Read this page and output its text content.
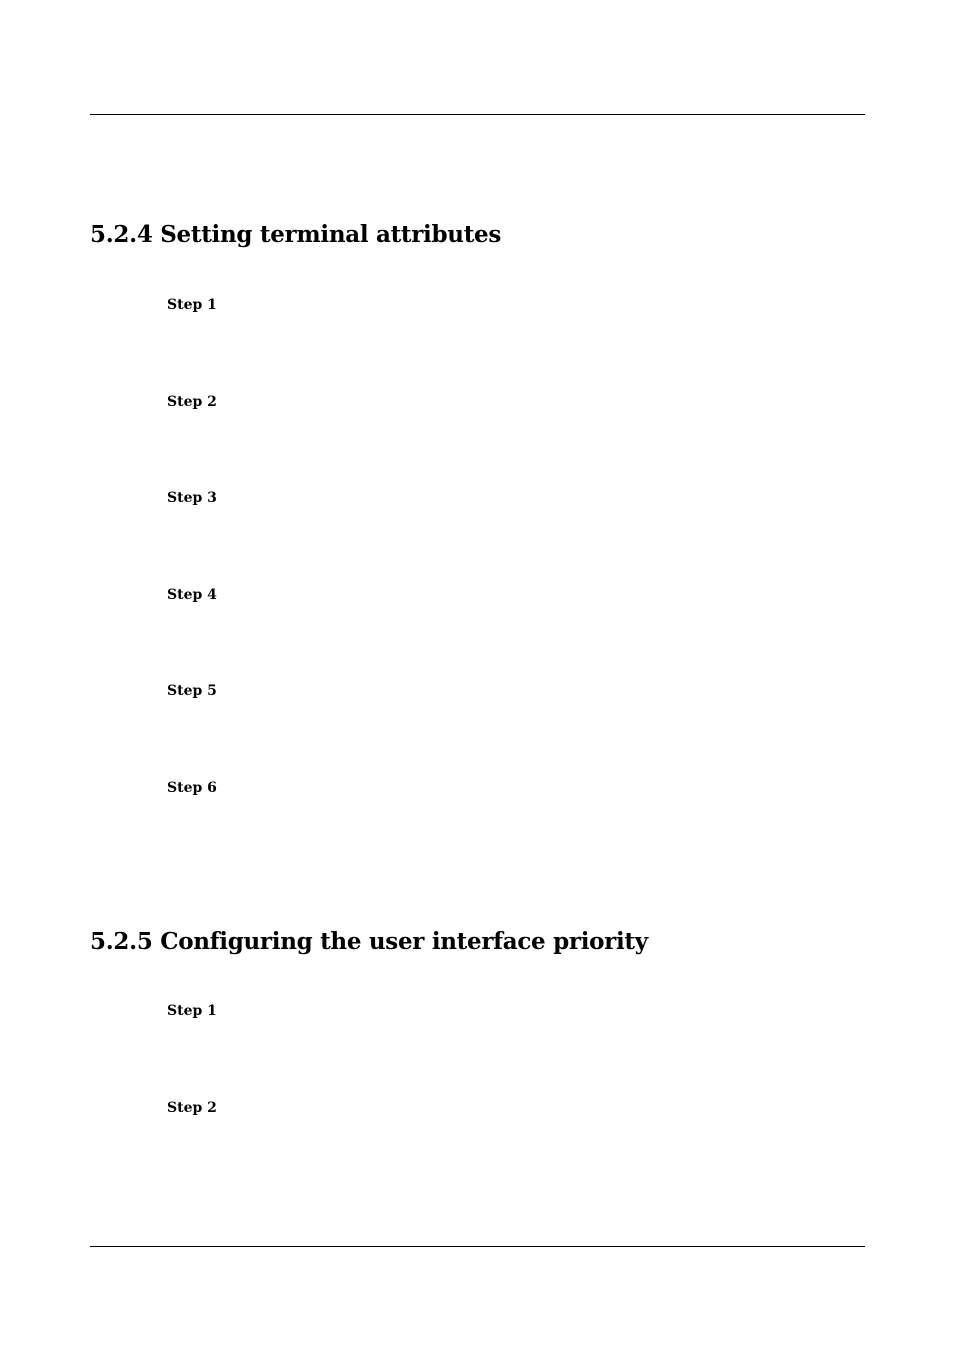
5.2.4 Setting terminal attributes
Step 1
Step 2
Step 3
Step 4
Step 5
Step 6
5.2.5 Configuring the user interface priority
Step 1
Step 2
